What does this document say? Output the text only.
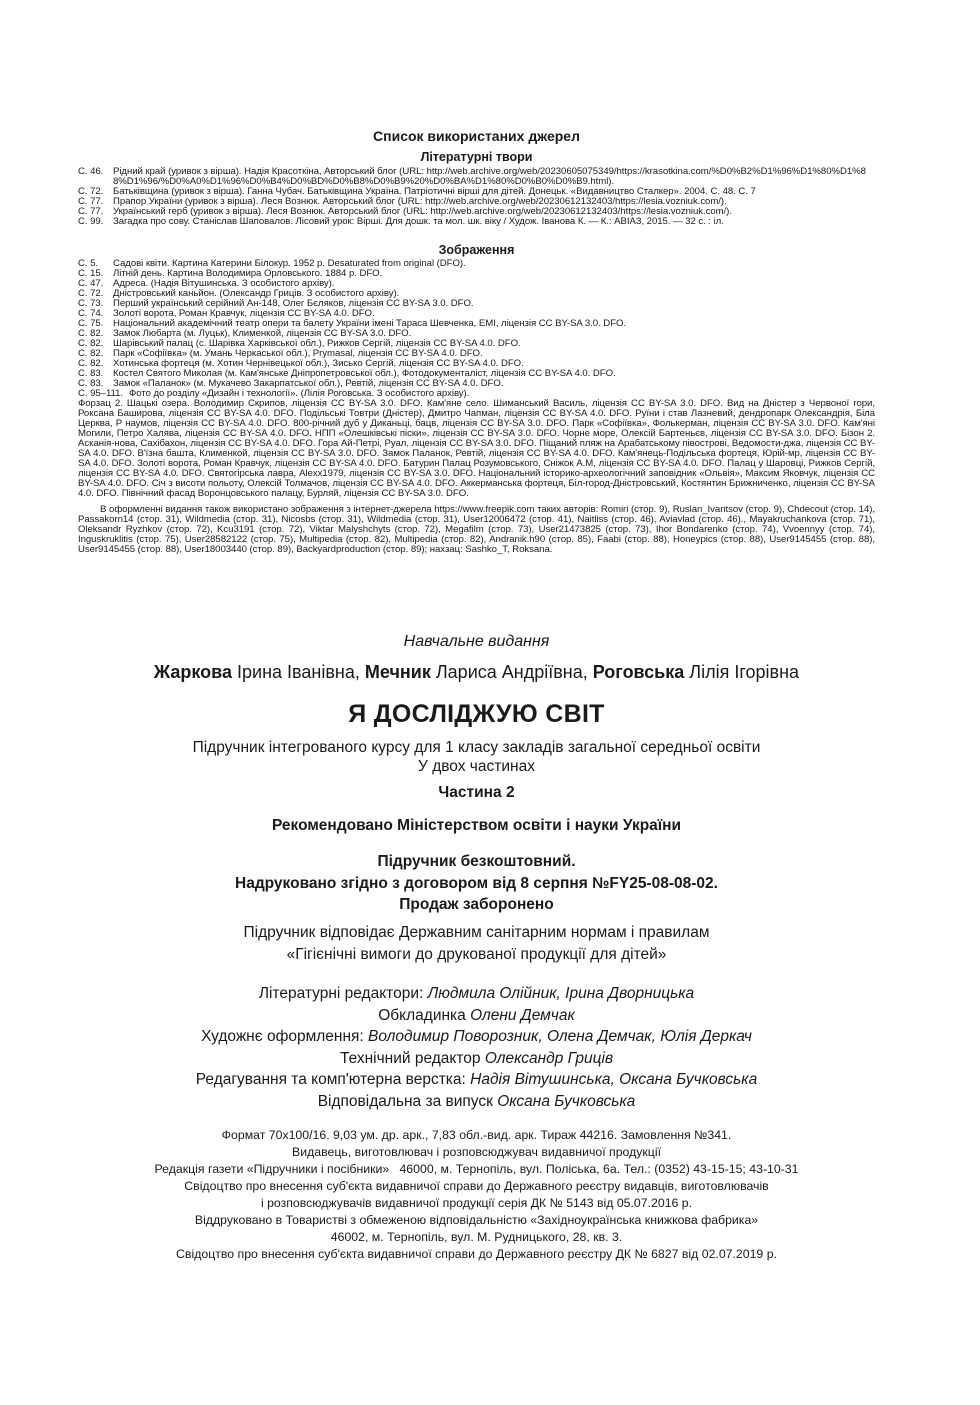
Список використаних джерел
Літературні твори
С. 46.	Рідний край (уривок з вірша). Надія Красоткіна, Авторський блог (URL: http://web.archive.org/web/20230605075349/https://krasotkina.com/%D0%B2%D1%96%D1%80%D1%88%D1%96/%D0%A0%D1%96%D0%B4%D0%BD%D0%B8%D0%B9%20%D0%BA%D1%80%D0%B0%D0%B9.html).
С. 72.	Батьківщина (уривок з вірша). Ганна Чубач. Батьківщина Україна. Патріотичні вірші для дітей. Донецьк. «Видавництво Сталкер». 2004. С. 48. С. 7
С. 77.	Прапор України (уривок з вірша). Леся Вознюк. Авторський блог (URL: http://web.archive.org/web/20230612132403/https://lesia.vozniuk.com/).
С. 77.	Український герб (уривок з вірша). Леся Вознюк. Авторський блог (URL: http://web.archive.org/web/20230612132403/https://lesia.vozniuk.com/).
С. 99.	Загадка про сову. Станіслав Шаповалов. Лісовий урок: Вірші. Для дошк. та мол. шк. віку / Худож. Іванова К. — К.: АВІАЗ, 2015. — 32 с. : іл.
Зображення
С. 5.	Садові квіти. Картина Катерини Білокур. 1952 р. Desaturated from original (DFO).
С. 15.	Літній день. Картина Володимира Орловського. 1884 р. DFO.
С. 47.	Адреса. (Надія Вітушинська. З особистого архіву).
С. 72.	Дністровський каньйон. (Олександр Гриців. З особистого архіву).
С. 73.	Перший український серійний Ан-148, Олег Бєляков, ліцензія CC BY-SA 3.0. DFO.
С. 74.	Золоті ворота, Роман Кравчук, ліцензія CC BY-SA 4.0. DFO.
С. 75.	Національний академічний театр опери та балету України імені Тараса Шевченка, EMI, ліцензія CC BY-SA 3.0. DFO.
С. 82.	Замок Любарта (м. Луцьк), Клименкой, ліцензія CC BY-SA 3.0. DFO.
С. 82.	Шарівський палац (с. Шарівка Харківської обл.), Рижков Сергій, ліцензія CC BY-SA 4.0. DFO.
С. 82.	Парк «Софіївка» (м. Умань Черкаської обл.), Prymasal, ліцензія CC BY-SA 4.0. DFO.
С. 82.	Хотинська фортеця (м. Хотин Чернівецької обл.), Зисько Сергій, ліцензія CC BY-SA 4.0. DFO.
С. 83.	Костел Святого Миколая (м. Кам'янське Дніпропетровської обл.), Фотодокументаліст, ліцензія CC BY-SA 4.0. DFO.
С. 83.	Замок «Паланок» (м. Мукачево Закарпатської обл.), Ревтій, ліцензія CC BY-SA 4.0. DFO.
С. 95–111. Фото до розділу «Дизайн і технології». (Лілія Роговська. З особистого архіву).
Форзац 2. Шацькі озера. Володимир Скрипов, ліцензія CC BY-SA 3.0. DFO. Кам'яне село. Шиманський Василь, ліцензія CC BY-SA 3.0. DFO. Вид на Дністер з Червоної гори, Роксана Баширова, ліцензія CC BY-SA 4.0. DFO. Подільські Товтри (Дністер), Дмитро Чапман, ліцензія CC BY-SA 4.0. DFO. Руїни і став Лазневий, дендропарк Олександрія, Біла Церква, Р наумов, ліцензія CC BY-SA 4.0. DFO. 800-річний дуб у Диканьці, бацв, ліцензія CC BY-SA 3.0. DFO. Парк «Софіївка», Фолькерман, ліцензія CC BY-SA 3.0. DFO. Кам'яні Могили, Петро Халява, ліцензія CC BY-SA 4.0. DFO. НПП «Олешківські піски», ліцензія CC BY-SA 3.0. DFO. Чорне море, Олексій Бартеньєв, ліцензія CC BY-SA 3.0. DFO. Бізон 2. Асканія-нова, Сахібахон, ліцензія CC BY-SA 4.0. DFO. Гора Ай-Петрі, Руал, ліцензія CC BY-SA 3.0. DFO. Піщаний пляж на Арабатському півострові, Ведомости-джа, ліцензія CC BY-SA 4.0. DFO. В'їзна башта, Клименкой, ліцензія CC BY-SA 3.0. DFO. Замок Паланок, Ревтій, ліцензія CC BY-SA 4.0. DFO. Кам'янець-Подільська фортеця, Юрій-мр, ліцензія CC BY-SA 4.0. DFO. Золоті ворота, Роман Кравчук, ліцензія CC BY-SA 4.0. DFO. Батурин Палац Розумовського, Сніжок А.М, ліцензія CC BY-SA 4.0. DFO. Палац у Шаровці, Рижков Сергій, ліцензія CC BY-SA 4.0. DFO. Святогірська лавра, Alexx1979, ліцензія CC BY-SA 3.0. DFO. Національний історико-археологічний заповідник «Ольвія», Максим Яковчук, ліцензія CC BY-SA 4.0. DFO. Січ з висоти польоту, Олексій Толмачов, ліцензія CC BY-SA 4.0. DFO. Аккерманська фортеця, Біл-город-Дністровський, Костянтин Брижниченко, ліцензія CC BY-SA 4.0. DFO. Північний фасад Воронцовського палацу, Бурляй, ліцензія CC BY-SA 3.0. DFO.
В оформленні видання також використано зображення з інтернет-джерела https://www.freepik.com таких авторів: Romiri (стор. 9), Ruslan_Ivantsov (стор. 9), Chdecout (стор. 14), Passakorn14 (стор. 31), Wildmedia (стор. 31), Nicosbs (стор. 31), Wildmedia (стор. 31), User12006472 (стор. 41), Naitliss (стор. 46), Aviavlad (стор. 46)., Mayakruchankova (стор. 71), Oleksandr Ryzhkov (стор. 72), Kcu3191 (стор. 72), Viktar Malyshchyts (стор. 72), Megafilm (стор. 73), User21473825 (стор. 73), Ihor Bondarenko (стор. 74), Vvoennyy (стор. 74), Inguskruklitis (стор. 75), User28582122 (стор. 75), Multipedia (стор. 82), Multipedia (стор. 82), Andranik.h90 (стор. 85), Faabi (стор. 88), Honeypics (стор. 88), User9145455 (стор. 88), User9145455 (стор. 88), User18003440 (стор. 89), Backyardproduction (стор. 89); нахзац: Sashko_T, Roksana.
Навчальне видання
Жаркова Ірина Іванівна, Мечник Лариса Андріївна, Роговська Лілія Ігорівна
Я ДОСЛІДЖУЮ СВІТ
Підручник інтегрованого курсу для 1 класу закладів загальної середньої освіти
У двох частинах
Частина 2
Рекомендовано Міністерством освіти і науки України
Підручник безкоштовний.
Надруковано згідно з договором від 8 серпня №FY25-08-08-02.
Продаж заборонено
Підручник відповідає Державним санітарним нормам і правилам
«Гігієнічні вимоги до друкованої продукції для дітей»
Літературні редактори: Людмила Олійник, Ірина Дворницька
Обкладинка Олени Демчак
Художнє оформлення: Володимир Поворозник, Олена Демчак, Юлія Деркач
Технічний редактор Олександр Гриців
Редагування та комп'ютерна верстка: Надія Вітушинська, Оксана Бучковська
Відповідальна за випуск Оксана Бучковська
Формат 70х100/16. 9,03 ум. др. арк., 7,83 обл.-вид. арк. Тираж 44216. Замовлення №341.
Видавець, виготовлювач і розповсюджувач видавничої продукції
Редакція газети «Підручники і посібники»   46000, м. Тернопіль, вул. Поліська, 6а. Тел.: (0352) 43-15-15; 43-10-31
Свідоцтво про внесення суб'єкта видавничої справи до Державного реєстру видавців, виготовлювачів
і розповсюджувачів видавничої продукції серія ДК № 5143 від 05.07.2016 р.
Віддруковано в Товаристві з обмеженою відповідальністю «Західноукраїнська книжкова фабрика»
46002, м. Тернопіль, вул. М. Рудницького, 28, кв. 3.
Свідоцтво про внесення суб'єкта видавничої справи до Державного реєстру ДК № 6827 від 02.07.2019 р.
